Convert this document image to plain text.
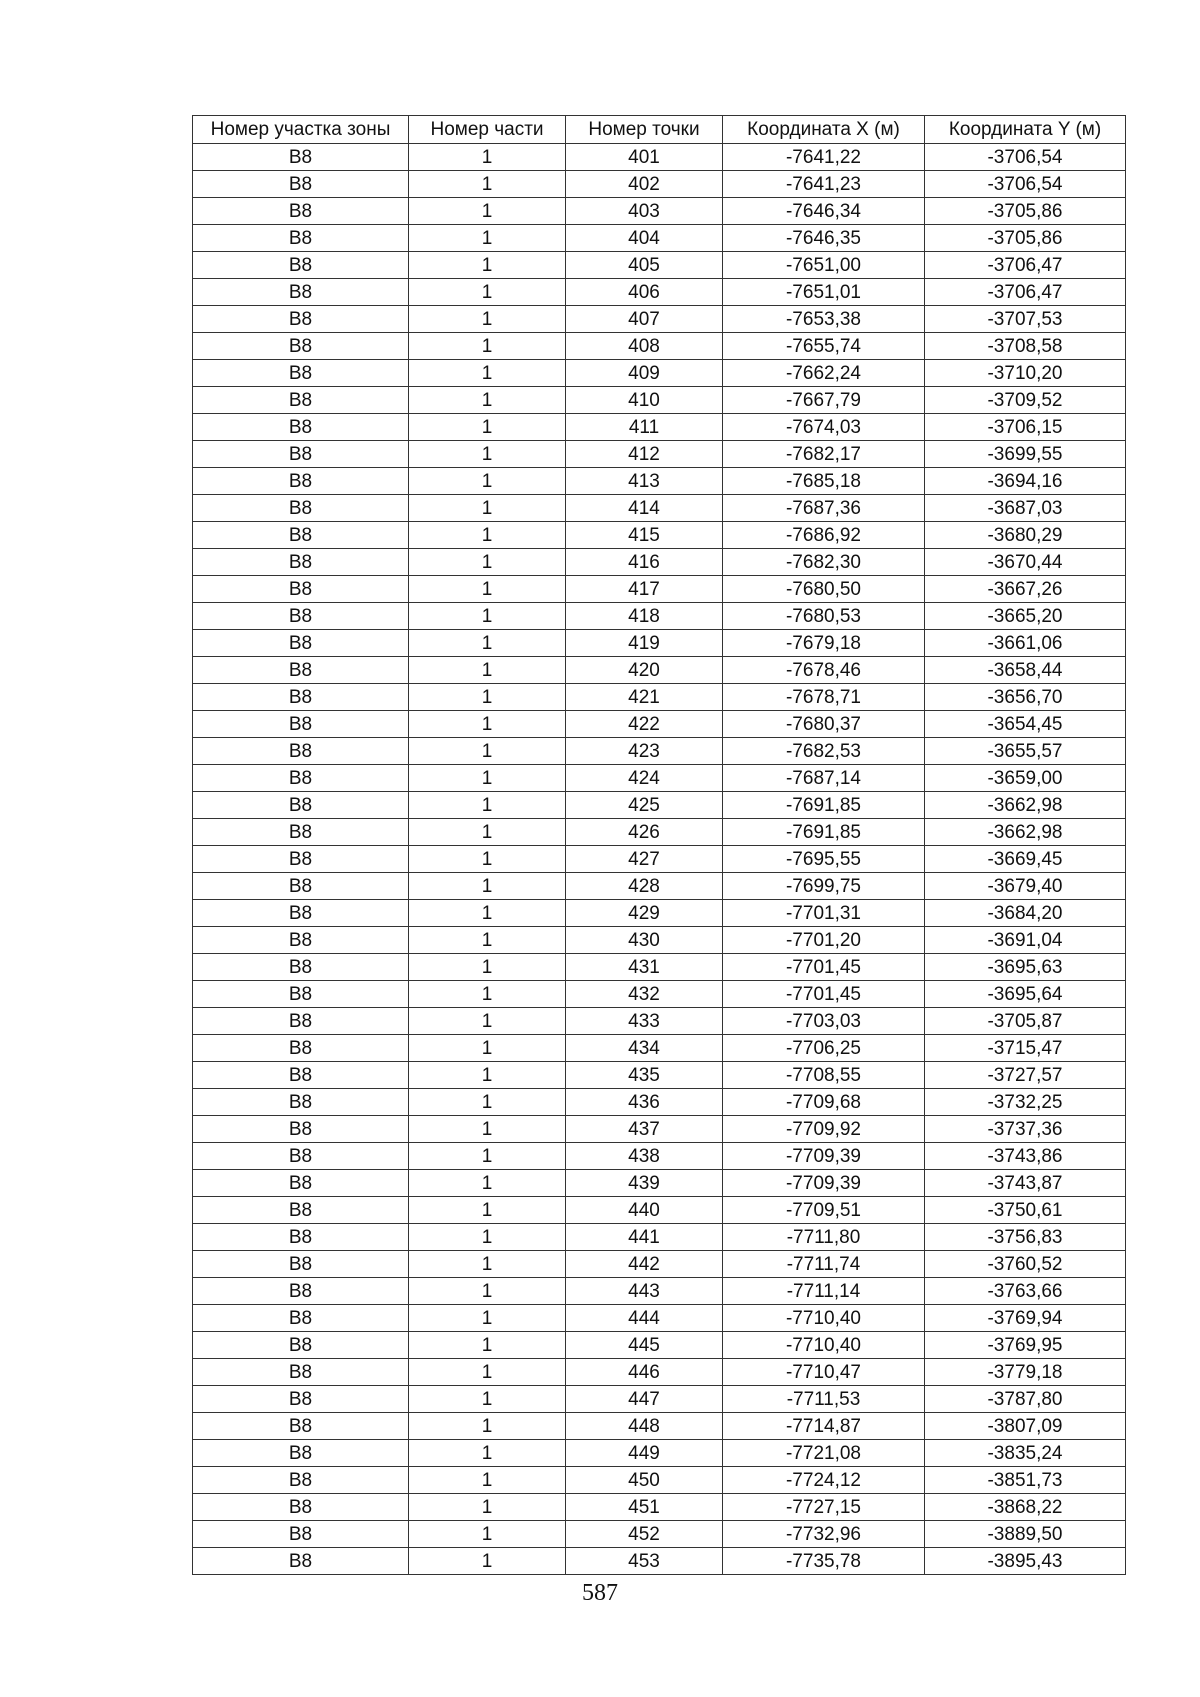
Номер участка зоны	Номер части	Номер точки	Координата X (м)	Координата Y (м)
В8	1	401	-7641,22	-3706,54
В8	1	402	-7641,23	-3706,54
В8	1	403	-7646,34	-3705,86
В8	1	404	-7646,35	-3705,86
В8	1	405	-7651,00	-3706,47
В8	1	406	-7651,01	-3706,47
В8	1	407	-7653,38	-3707,53
В8	1	408	-7655,74	-3708,58
В8	1	409	-7662,24	-3710,20
В8	1	410	-7667,79	-3709,52
В8	1	411	-7674,03	-3706,15
В8	1	412	-7682,17	-3699,55
В8	1	413	-7685,18	-3694,16
В8	1	414	-7687,36	-3687,03
В8	1	415	-7686,92	-3680,29
В8	1	416	-7682,30	-3670,44
В8	1	417	-7680,50	-3667,26
В8	1	418	-7680,53	-3665,20
В8	1	419	-7679,18	-3661,06
В8	1	420	-7678,46	-3658,44
В8	1	421	-7678,71	-3656,70
В8	1	422	-7680,37	-3654,45
В8	1	423	-7682,53	-3655,57
В8	1	424	-7687,14	-3659,00
В8	1	425	-7691,85	-3662,98
В8	1	426	-7691,85	-3662,98
В8	1	427	-7695,55	-3669,45
В8	1	428	-7699,75	-3679,40
В8	1	429	-7701,31	-3684,20
В8	1	430	-7701,20	-3691,04
В8	1	431	-7701,45	-3695,63
В8	1	432	-7701,45	-3695,64
В8	1	433	-7703,03	-3705,87
В8	1	434	-7706,25	-3715,47
В8	1	435	-7708,55	-3727,57
В8	1	436	-7709,68	-3732,25
В8	1	437	-7709,92	-3737,36
В8	1	438	-7709,39	-3743,86
В8	1	439	-7709,39	-3743,87
В8	1	440	-7709,51	-3750,61
В8	1	441	-7711,80	-3756,83
В8	1	442	-7711,74	-3760,52
В8	1	443	-7711,14	-3763,66
В8	1	444	-7710,40	-3769,94
В8	1	445	-7710,40	-3769,95
В8	1	446	-7710,47	-3779,18
В8	1	447	-7711,53	-3787,80
В8	1	448	-7714,87	-3807,09
В8	1	449	-7721,08	-3835,24
В8	1	450	-7724,12	-3851,73
В8	1	451	-7727,15	-3868,22
В8	1	452	-7732,96	-3889,50
В8	1	453	-7735,78	-3895,43
587
